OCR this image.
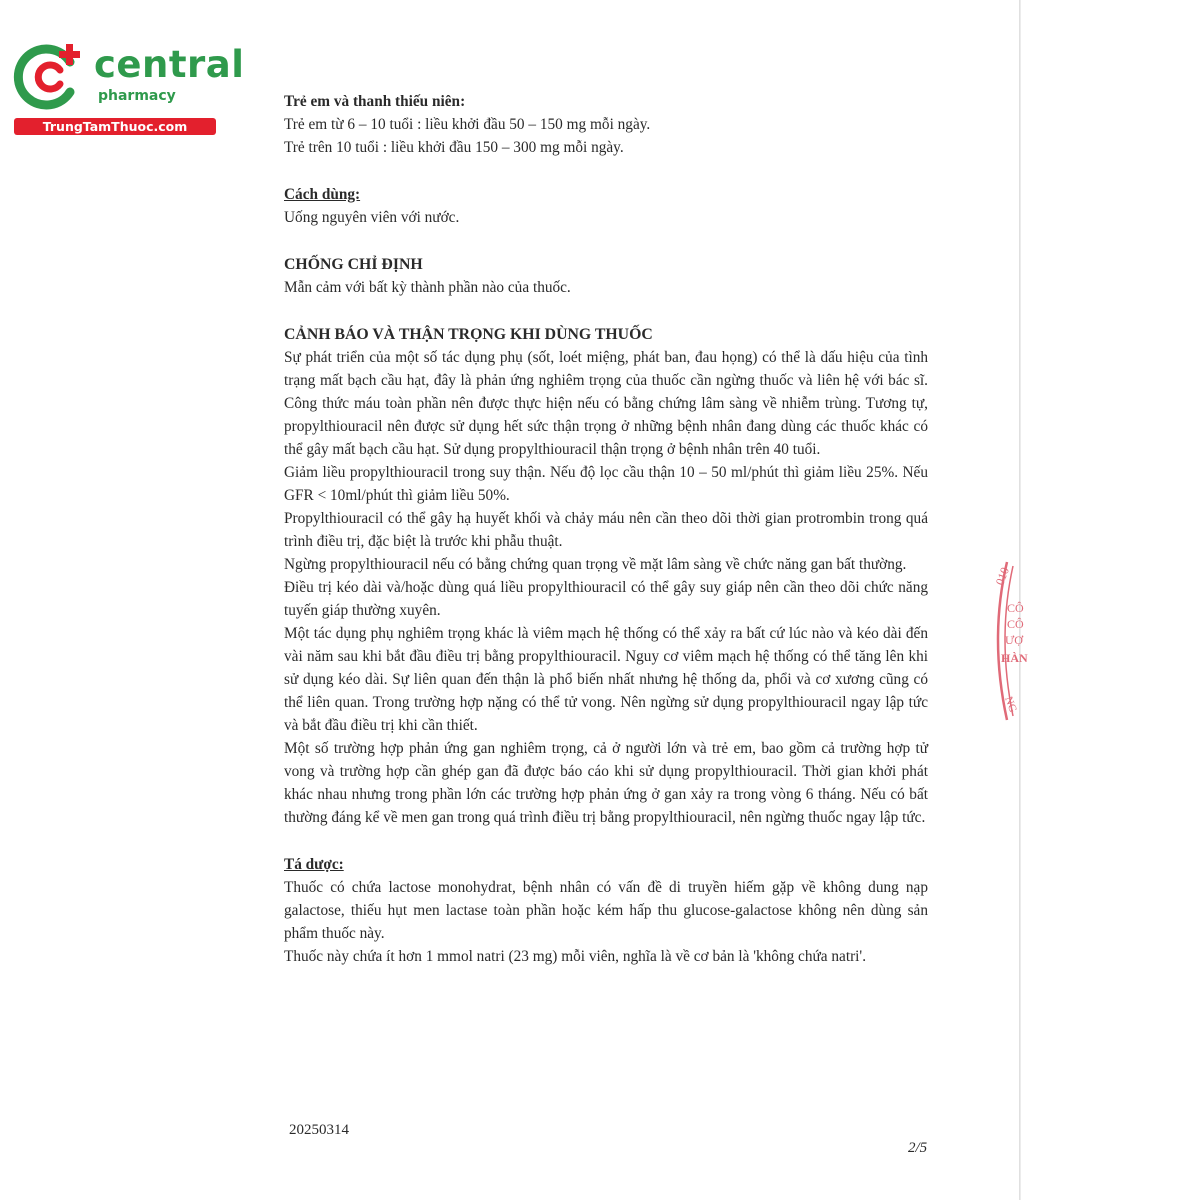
central
pharmacy
TrungTamThuoc.com

Trẻ em và thanh thiếu niên:

Trẻ em từ 6 – 10 tuổi : liều khởi đầu 50 – 150 mg mỗi ngày.

Trẻ trên 10 tuổi : liều khởi đầu 150 – 300 mg mỗi ngày.

Cách dùng:

Uống nguyên viên với nước.

CHỐNG CHỈ ĐỊNH

Mẫn cảm với bất kỳ thành phần nào của thuốc.

CẢNH BÁO VÀ THẬN TRỌNG KHI DÙNG THUỐC

Sự phát triển của một số tác dụng phụ (sốt, loét miệng, phát ban, đau họng) có thể là dấu hiệu của tình trạng mất bạch cầu hạt, đây là phản ứng nghiêm trọng của thuốc cần ngừng thuốc và liên hệ với bác sĩ. Công thức máu toàn phần nên được thực hiện nếu có bằng chứng lâm sàng về nhiễm trùng. Tương tự, propylthiouracil nên được sử dụng hết sức thận trọng ở những bệnh nhân đang dùng các thuốc khác có thể gây mất bạch cầu hạt. Sử dụng propylthiouracil thận trọng ở bệnh nhân trên 40 tuổi.

Giảm liều propylthiouracil trong suy thận. Nếu độ lọc cầu thận 10 – 50 ml/phút thì giảm liều 25%. Nếu GFR < 10ml/phút thì giảm liều 50%.

Propylthiouracil có thể gây hạ huyết khối và chảy máu nên cần theo dõi thời gian protrombin trong quá trình điều trị, đặc biệt là trước khi phẫu thuật.

Ngừng propylthiouracil nếu có bằng chứng quan trọng về mặt lâm sàng về chức năng gan bất thường.

Điều trị kéo dài và/hoặc dùng quá liều propylthiouracil có thể gây suy giáp nên cần theo dõi chức năng tuyến giáp thường xuyên.

Một tác dụng phụ nghiêm trọng khác là viêm mạch hệ thống có thể xảy ra bất cứ lúc nào và kéo dài đến vài năm sau khi bắt đầu điều trị bằng propylthiouracil. Nguy cơ viêm mạch hệ thống có thể tăng lên khi sử dụng kéo dài. Sự liên quan đến thận là phổ biến nhất nhưng hệ thống da, phổi và cơ xương cũng có thể liên quan. Trong trường hợp nặng có thể tử vong. Nên ngừng sử dụng propylthiouracil ngay lập tức và bắt đầu điều trị khi cần thiết.

Một số trường hợp phản ứng gan nghiêm trọng, cả ở người lớn và trẻ em, bao gồm cả trường hợp tử vong và trường hợp cần ghép gan đã được báo cáo khi sử dụng propylthiouracil. Thời gian khởi phát khác nhau nhưng trong phần lớn các trường hợp phản ứng ở gan xảy ra trong vòng 6 tháng. Nếu có bất thường đáng kể về men gan trong quá trình điều trị bằng propylthiouracil, nên ngừng thuốc ngay lập tức.

Tá dược:

Thuốc có chứa lactose monohydrat, bệnh nhân có vấn đề di truyền hiếm gặp về không dung nạp galactose, thiếu hụt men lactase toàn phần hoặc kém hấp thu glucose-galactose không nên dùng sản phẩm thuốc này.

Thuốc này chứa ít hơn 1 mmol natri (23 mg) mỗi viên, nghĩa là về cơ bản là 'không chứa natri'.

20250314
2/5
010
CÔ
CÔ
ƯỢ
HÀN
NG
